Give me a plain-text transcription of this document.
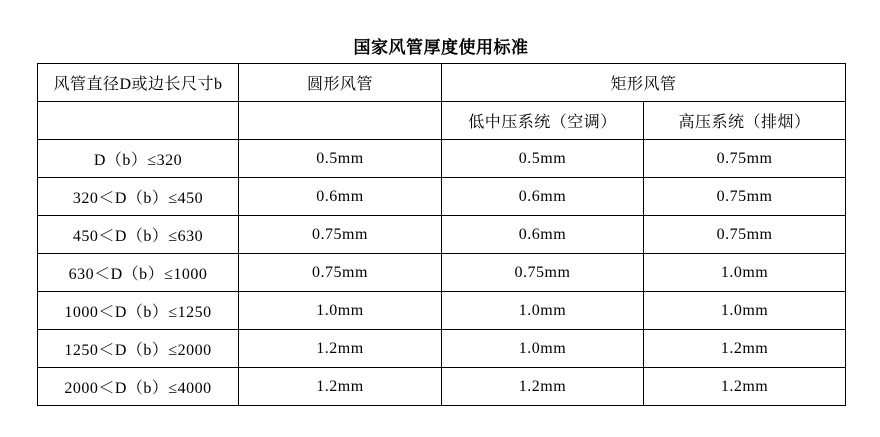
国家风管厚度使用标准
风管直径D或边长尺寸b	圆形风管	矩形风管	
		低中压系统（空调）	高压系统（排烟）
D（b）≤320	0.5mm	0.5mm	0.75mm
320＜D（b）≤450	0.6mm	0.6mm	0.75mm
450＜D（b）≤630	0.75mm	0.6mm	0.75mm
630＜D（b）≤1000	0.75mm	0.75mm	1.0mm
1000＜D（b）≤1250	1.0mm	1.0mm	1.0mm
1250＜D（b）≤2000	1.2mm	1.0mm	1.2mm
2000＜D（b）≤4000	1.2mm	1.2mm	1.2mm
